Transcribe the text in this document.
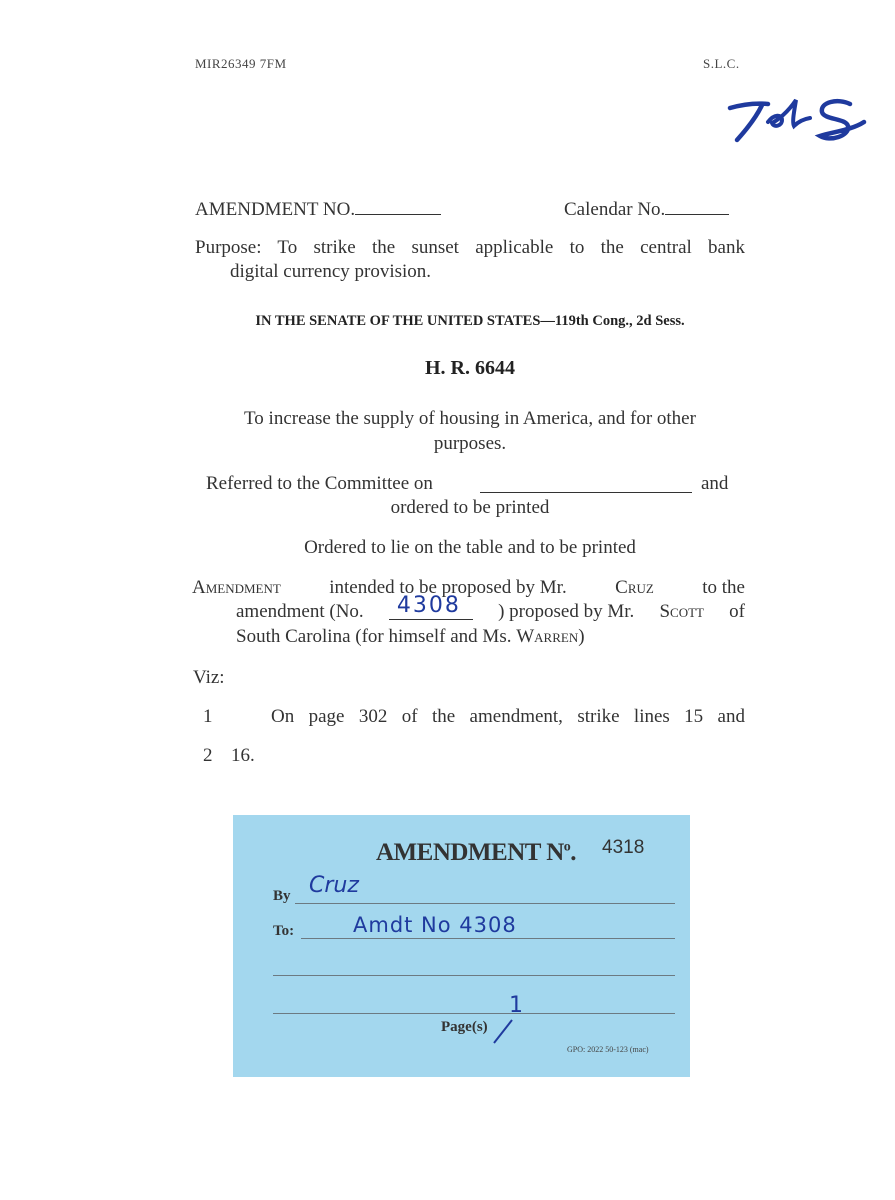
MIR26349 7FM	S.L.C.
AMENDMENT NO.	Calendar No.
Purpose: To strike the sunset applicable to the central bank
digital currency provision.
IN THE SENATE OF THE UNITED STATES—119th Cong., 2d Sess.
H. R. 6644
To increase the supply of housing in America, and for other
purposes.
Referred to the Committee on	and
ordered to be printed
Ordered to lie on the table and to be printed
Amendment	intended to be proposed by Mr.	Cruz	to the
amendment (No. 4308 ) proposed by Mr. Scott of
South Carolina (for himself and Ms. Warren)
Viz:
1	On page 302 of the amendment, strike lines 15 and
2 16.
AMENDMENT $N^o$. 4318
By Cruz
To:	Amdt No 4308
Page(s)
1
GPO: 2022 50-123 (mac)
